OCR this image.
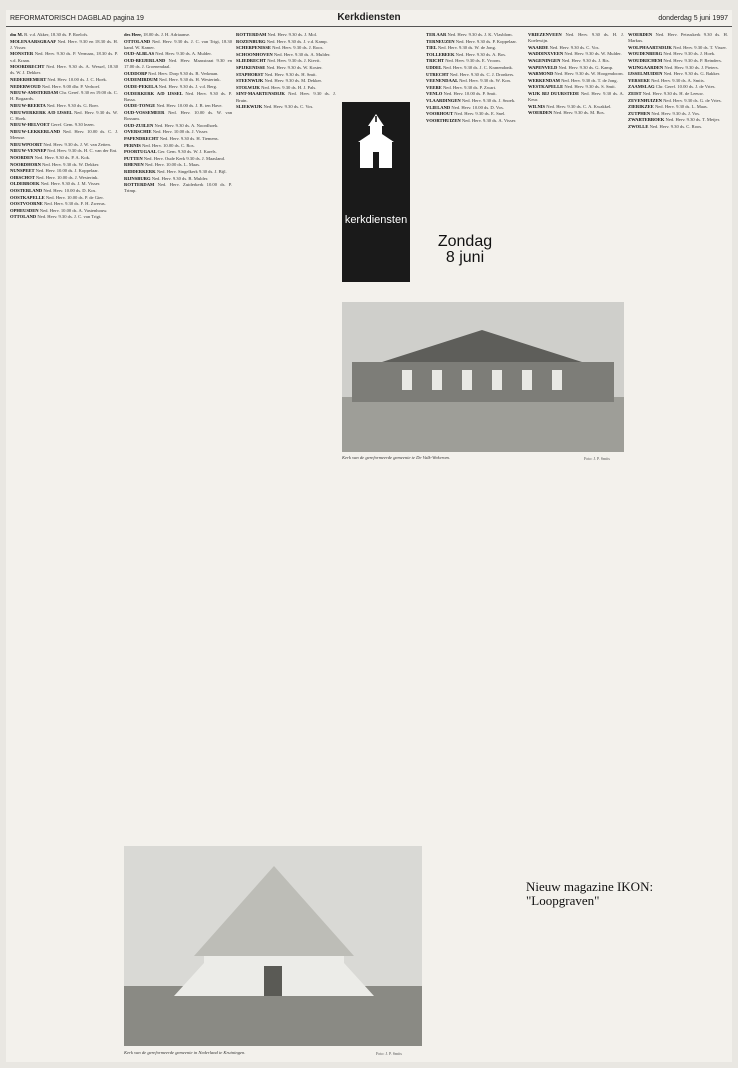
REFORMATORISCH DAGBLAD pagina 19	Kerkdiensten	donderdag 5 juni 1997

dm M. B. v.d. Akker, 18.30 ds. P. Roelofs.

MOLENAARSGRAAF Ned. Herv. 9.30 en 18.30 ds. H. J. Visser.

MONSTER Ned. Herv. 9.30 ds. P. Vermaas, 18.30 ds. P. v.d. Kraan.

MOORDRECHT Ned. Herv. 9.30 ds. A. Wessel, 18.30 ds. W. J. Dekker.

NEDERHEMERT Ned. Herv. 10.00 ds. J. C. Hoek.

NEDERWOUD Ned. Herv. 9.00 dhr. P. Verhoef.

NIEUW-AMSTERDAM Chr. Geref. 9.30 en 19.00 ds. C. H. Bogaards.

NIEUW-BEERTA Ned. Herv. 9.30 ds. G. Boer.

NIEUWERKERK A/D IJSSEL Ned. Herv. 9.30 ds. W. C. Hoek.

NIEUW-HELVOET Geref. Gem. 9.30 lezen.

NIEUW-LEKKERLAND Ned. Herv. 10.00 ds. C. J. Meeuse.

NIEUWPOORT Ned. Herv. 9.30 ds. J. W. van Zetten.

NIEUW-VENNEP Ned. Herv. 9.30 ds. H. C. van der Ent.

NOORDEN Ned. Herv. 9.30 ds. P. A. Kok.

NOORDHORN Ned. Herv. 9.30 ds. W. Dekker.

NUNSPEET Ned. Herv. 10.00 ds. J. Koppelaar.

OIRSCHOT Ned. Herv. 10.00 ds. J. Westerink.

OLDEBROEK Ned. Herv. 9.30 ds. J. M. Visser.

OOSTERLAND Ned. Herv. 10.00 ds. D. Kos.

OOSTKAPELLE Ned. Herv. 10.00 ds. P. de Gier.

OOSTVOORNE Ned. Herv. 9.30 ds. F. H. Zwerus.

OPHEUSDEN Ned. Herv. 10.00 ds. A. Vastenhouw.

OTTOLAND Ned. Herv. 9.30 ds. J. C. van Trigt.

des Heer, 18.00 ds. J. H. Adriaanse.

OTTOLAND Ned. Herv. 9.30 ds. J. C. van Trigt, 18.30 kand. W. Kamer.

OUD-ALBLAS Ned. Herv. 9.30 ds. A. Mulder.

OUD-BEIJERLAND Ned. Herv. Maasstraat 9.30 en 17.00 ds. J. Groenendaal.

OUDDORP Ned. Herv. Dorp 9.30 ds. B. Verkman.

OUDEMIRDUM Ned. Herv. 9.30 ds. H. Westerink.

OUDE-PEKELA Ned. Herv. 9.30 ds. J. v.d. Berg.

OUDERKERK A/D IJSSEL Ned. Herv. 9.30 ds. P. Bassa.

OUDE-TONGE Ned. Herv. 10.00 ds. J. B. ten Have.

OUD-VOSSEMEER Ned. Herv. 10.00 ds. W. van Rossum.

OUD-ZUILEN Ned. Herv. 9.30 ds. A. Noordhoek.

OVERSCHIE Ned. Herv. 10.00 ds. J. Visser.

PAPENDRECHT Ned. Herv. 9.30 ds. H. Tiemens.

PERNIS Ned. Herv. 10.00 ds. C. Ros.

POORTUGAAL Ger. Gem. 9.30 ds. W. J. Karels.

PUTTEN Ned. Herv. Oude Kerk 9.30 ds. J. Maasland.

RHENEN Ned. Herv. 10.00 ds. L. Maas.

RIDDERKERK Ned. Herv. Singelkerk 9.30 ds. J. Bijl.

RIJNSBURG Ned. Herv. 9.30 ds. B. Mulder.

ROTTERDAM Ned. Herv. Zuiderkerk 10.00 ds. P. Trimp.

ROTTERDAM Ned. Herv. 9.30 ds. J. Mol.

ROZENBURG Ned. Herv. 9.30 ds. J. v.d. Kamp.

SCHERPENISSE Ned. Herv. 9.30 ds. J. Roos.

SCHOONHOVEN Ned. Herv. 9.30 ds. A. Mulder.

SLIEDRECHT Ned. Herv. 9.30 ds. J. Kievit.

SPIJKENISSE Ned. Herv. 9.30 ds. W. Koster.

STAPHORST Ned. Herv. 9.30 ds. H. Smit.

STEENWIJK Ned. Herv. 9.30 ds. M. Dekker.

STOLWIJK Ned. Herv. 9.30 ds. H. J. Pals.

SINT-MAARTENSDIJK Ned. Herv. 9.30 ds. J. Bruin.

SLIEKWIJK Ned. Herv. 9.30 ds. C. Vos.

kerkdiensten
Zondag
8 juni

TER AAR Ned. Herv. 9.30 ds. J. K. Vlasblom.

TERNEUZEN Ned. Herv. 9.30 ds. P. Koppelaar.

TIEL Ned. Herv. 9.30 ds. W. de Jong.

TOLLEBEEK Ned. Herv. 9.30 ds. A. Bos.

TRICHT Ned. Herv. 9.30 ds. E. Vroom.

UDDEL Ned. Herv. 9.30 ds. J. C. Kranendonk.

UTRECHT Ned. Herv. 9.30 ds. C. J. Dronkers.

VEENENDAAL Ned. Herv. 9.30 ds. W. Kon.

VEERE Ned. Herv. 9.30 ds. P. Zwart.

VENLO Ned. Herv. 10.00 ds. P. Smit.

VLAARDINGEN Ned. Herv. 9.30 ds. J. Snoek.

VLIELAND Ned. Herv. 10.00 ds. D. Vos.

VOORHOUT Ned. Herv. 9.30 ds. E. Snel.

VOORTHUIZEN Ned. Herv. 9.30 ds. A. Visser.

VRIEZENVEEN Ned. Herv. 9.30 ds. H. J. Koelewijn.

WAARDE Ned. Herv. 9.30 ds. C. Vos.

WADDINXVEEN Ned. Herv. 9.30 ds. W. Mulder.

WAGENINGEN Ned. Herv. 9.30 ds. J. Ris.

WAPENVELD Ned. Herv. 9.30 ds. G. Kamp.

WARMOND Ned. Herv. 9.30 ds. W. Hoogendoorn.

WERKENDAM Ned. Herv. 9.30 ds. T. de Jong.

WESTKAPELLE Ned. Herv. 9.30 ds. S. Smit.

WIJK BIJ DUURSTEDE Ned. Herv. 9.30 ds. A. Keur.

WILNIS Ned. Herv. 9.30 ds. C. A. Kwakkel.

WOERDEN Ned. Herv. 9.30 ds. M. Bos.

WOERDEN Ned. Herv. Petruskerk 9.30 ds. H. Markus.

WOLPHAARTSDIJK Ned. Herv. 9.30 ds. T. Visser.

WOUDENBERG Ned. Herv. 9.30 ds. J. Hoek.

WOUDRICHEM Ned. Herv. 9.30 ds. P. Reinders.

WIJNGAARDEN Ned. Herv. 9.30 ds. J. Pieters.

IJSSELMUIDEN Ned. Herv. 9.30 ds. G. Bakker.

YERSEKE Ned. Herv. 9.30 ds. A. Smits.

ZAAMSLAG Chr. Geref. 10.00 ds. J. de Vries.

ZEIST Ned. Herv. 9.30 ds. H. de Leeuw.

ZEVENHUIZEN Ned. Herv. 9.30 ds. G. de Vries.

ZIERIKZEE Ned. Herv. 9.30 ds. L. Maas.

ZUTPHEN Ned. Herv. 9.30 ds. J. Vos.

ZWARTEBROEK Ned. Herv. 9.30 ds. T. Meijer.

ZWOLLE Ned. Herv. 9.30 ds. C. Roos.

Kerk van de gereformeerde gemeente te De Valk-Wekerom.	Foto: J. P. Smits
Kerk van de gereformeerde gemeente in Nederland te Kruiningen.	Foto: J. P. Smits
Nieuw magazine IKON: "Loopgraven"
